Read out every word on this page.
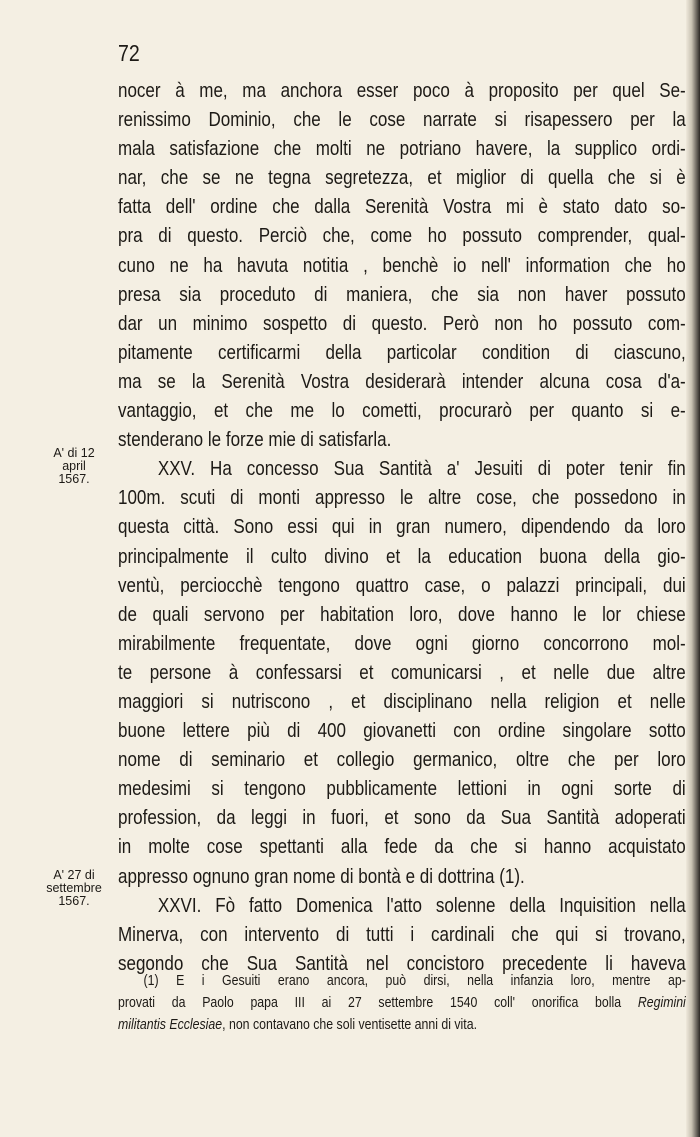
72
A' di 12
april
1567.
A' 27 di
settembre
1567.
nocer à me, ma anchora esser poco à proposito per quel Se-
renissimo Dominio, che le cose narrate si risapessero per la
mala satisfazione che molti ne potriano havere, la supplico ordi-
nar, che se ne tegna segretezza, et miglior di quella che si è
fatta dell' ordine che dalla Serenità Vostra mi è stato dato so-
pra di questo. Perciò che, come ho possuto comprender, qual-
cuno ne ha havuta notitia , benchè io nell' information che ho
presa sia proceduto di maniera, che sia non haver possuto
dar un minimo sospetto di questo. Però non ho possuto com-
pitamente certificarmi della particolar condition di ciascuno,
ma se la Serenità Vostra desiderarà intender alcuna cosa d'a-
vantaggio, et che me lo cometti, procurarò per quanto si e-
stenderano le forze mie di satisfarla.
XXV. Ha concesso Sua Santità a' Jesuiti di poter tenir fin
100m. scuti di monti appresso le altre cose, che possedono in
questa città. Sono essi qui in gran numero, dipendendo da loro
principalmente il culto divino et la education buona della gio-
ventù, perciocchè tengono quattro case, o palazzi principali, dui
de quali servono per habitation loro, dove hanno le lor chiese
mirabilmente frequentate, dove ogni giorno concorrono mol-
te persone à confessarsi et comunicarsi , et nelle due altre
maggiori si nutriscono , et disciplinano nella religion et nelle
buone lettere più di 400 giovanetti con ordine singolare sotto
nome di seminario et collegio germanico, oltre che per loro
medesimi si tengono pubblicamente lettioni in ogni sorte di
profession, da leggi in fuori, et sono da Sua Santità adoperati
in molte cose spettanti alla fede da che si hanno acquistato
appresso ognuno gran nome di bontà e di dottrina (1).
XXVI. Fò fatto Domenica l'atto solenne della Inquisition nella
Minerva, con intervento di tutti i cardinali che qui si trovano,
segondo che Sua Santità nel concistoro precedente li haveva
(1) E i Gesuiti erano ancora, può dirsi, nella infanzia loro, mentre ap-
provati da Paolo papa III ai 27 settembre 1540 coll' onorifica bolla Regimini
militantis Ecclesiae, non contavano che soli ventisette anni di vita.
